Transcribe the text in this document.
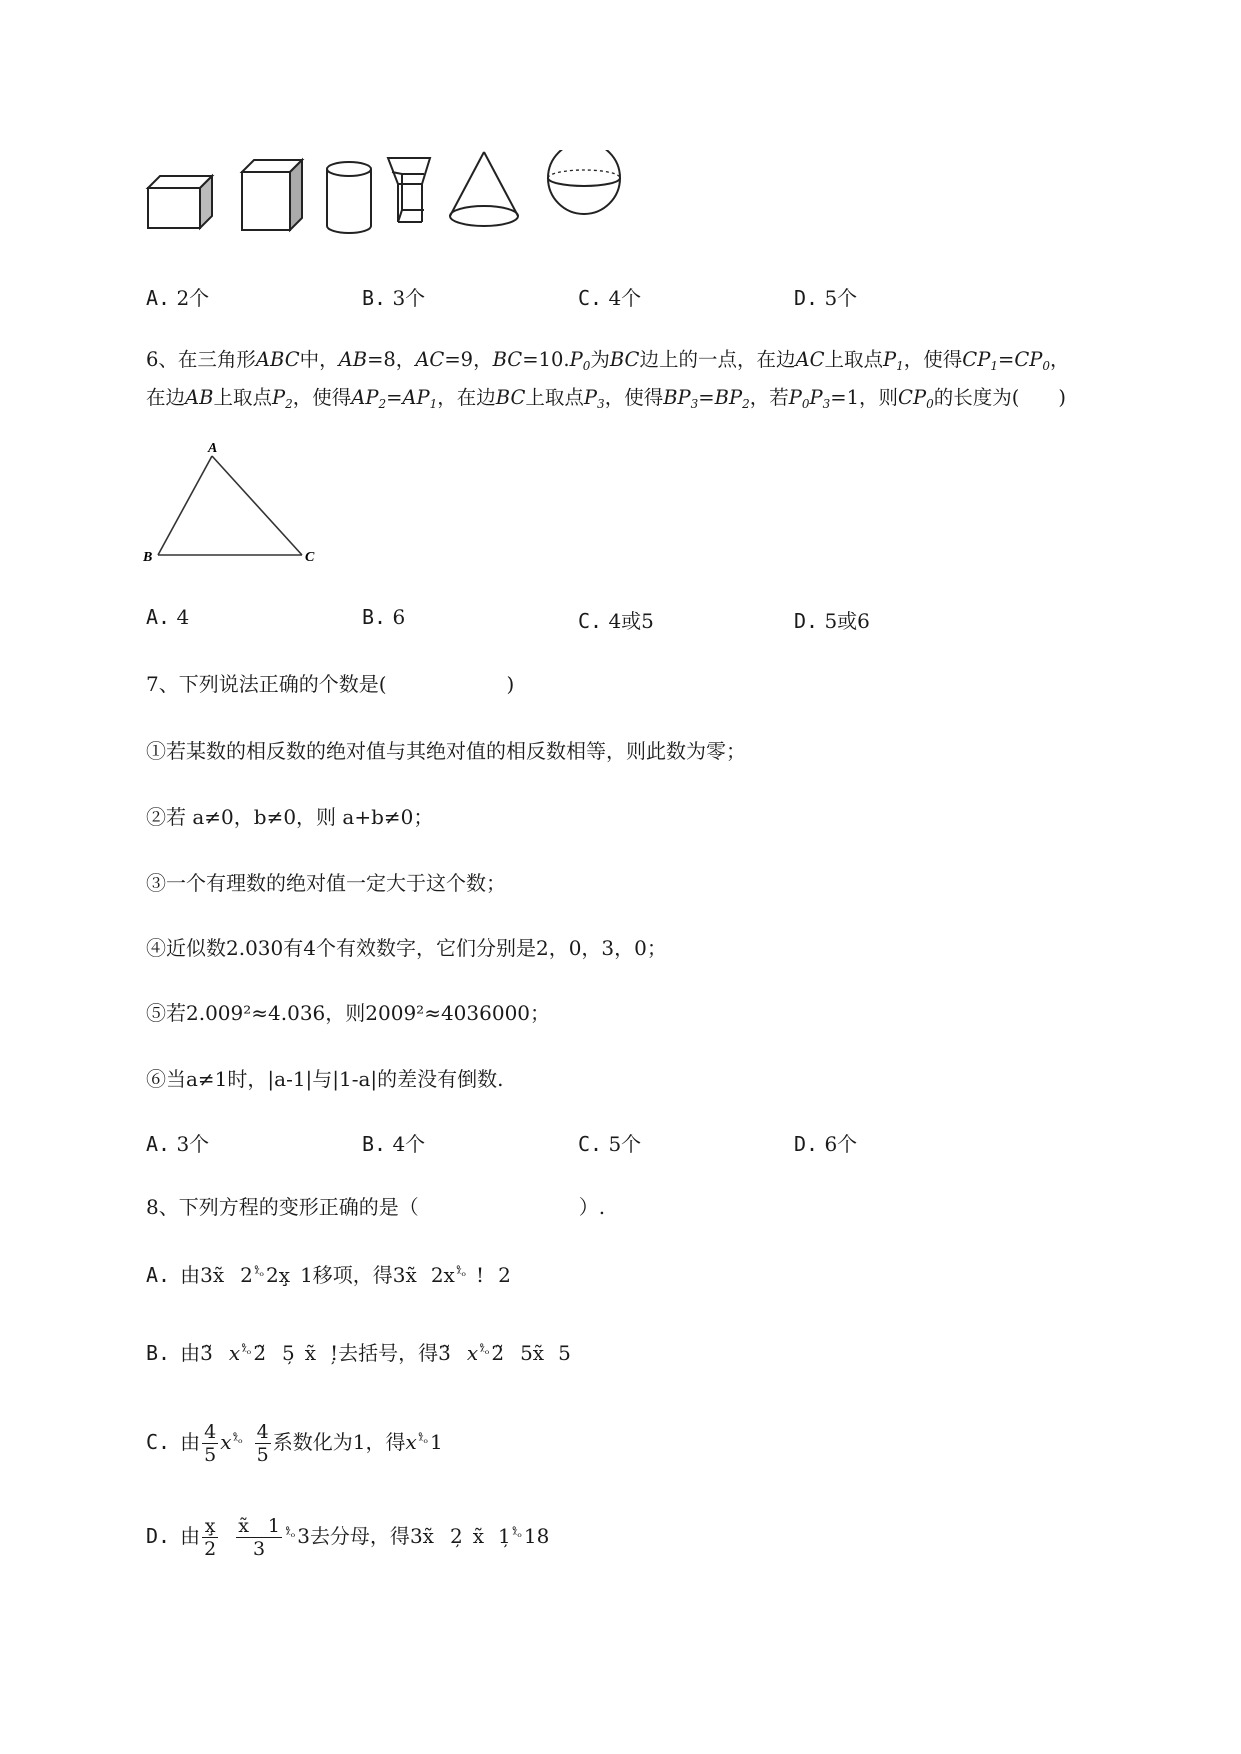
A. 2个	B. 3个	C. 4个	D. 5个
6、在三角形ABC中，AB=8，AC=9，$BC=10.P_0$为BC边上的一点，在边AC上取点$P_1$，使得$CP_1=CP_0$，
在边AB上取点$P_2$，使得$AP_2=AP_1$，在边BC上取点$P_3$，使得$BP_3=BP_2$，若$P_0P_3=1$，则$CP_0$的长度为(　　)
A
B	C
A. 4	B. 6	C. 4或5	D. 5或6
7、下列说法正确的个数是(　　　　　　)
①若某数的相反数的绝对值与其绝对值的相反数相等，则此数为零；
②若 a≠0，b≠0，则 a+b≠0；
③一个有理数的绝对值一定大于这个数；
④近似数2.030有4个有效数字，它们分别是2，0，3，0；
⑤若2.009²≈4.036，则2009²≈4036000；
⑥当a≠1时，|a-1|与|1-a|的差没有倒数.
A. 3个	B. 4个	C. 5个	D. 6个
8、下列方程的变形正确的是（　　　　　　　　）.
A. 由3x̃ 2 $^{ᵡ̊_o}$ 2x̧ 1移项，得3x̃ 2x $^{ᵡ̊_o}$ ! 2
B. 由3̃ x $^{ᵡ̊_o}$ 2̃ 5̦ x̃ !̦去括号，得3̃ x $^{ᵡ̊_o}$ 2̃ 5x̃ 5
C. 由 $\frac{4}{5}$ x $^{ᵡ̊_o} \frac{4}{5}$ 系数化为1，得x $^{ᵡ̊_o}$ 1
D. 由 $\frac{x̧}{2} \frac{x̃ 1}{3} ^{ᵡ̊_o}$ 3去分母，得3x̃ 2̦ x̃ 1̦ $^{ᵡ̊_o}$ 18
